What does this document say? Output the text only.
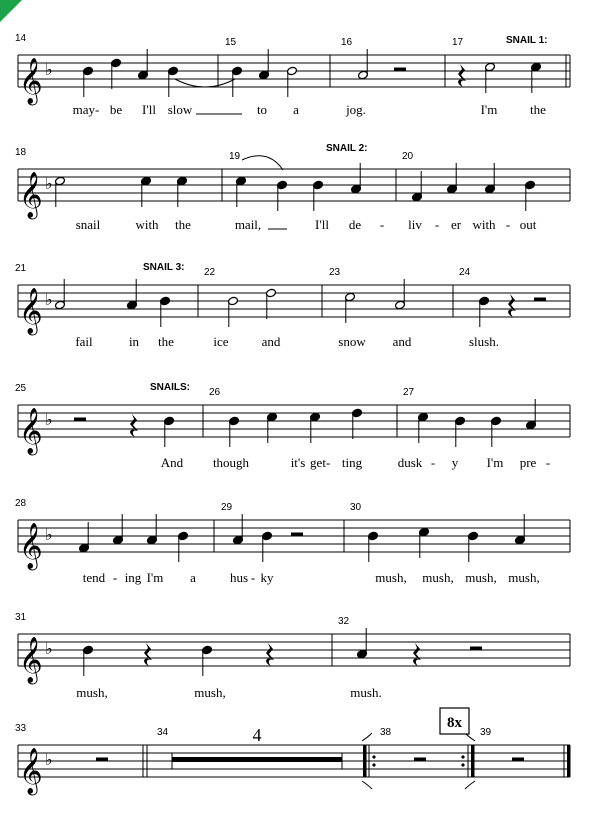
𝄞 ♭
14	15	16	17	SNAIL 1:
may- be I'll slow	to a	jog.	I'm	the
𝄞 ♭
18	19	20
SNAIL 2:
snail	with the	mail,	I'll de - liv - er with - out
𝄞 ♭
21	22	23	24
SNAIL 3:
fail	in the	ice	and	snow and	slush.
𝄞 ♭
25	26	27
SNAILS:
And though	it's get - ting	dusk - y I'm pre -
𝄞 ♭
28	29	30
tend - ing I'm a	hus - ky	mush, mush, mush, mush,
𝄞 ♭
31	32
mush,	mush,	mush.
𝄞 ♭
33	34	38	39
4
8x
